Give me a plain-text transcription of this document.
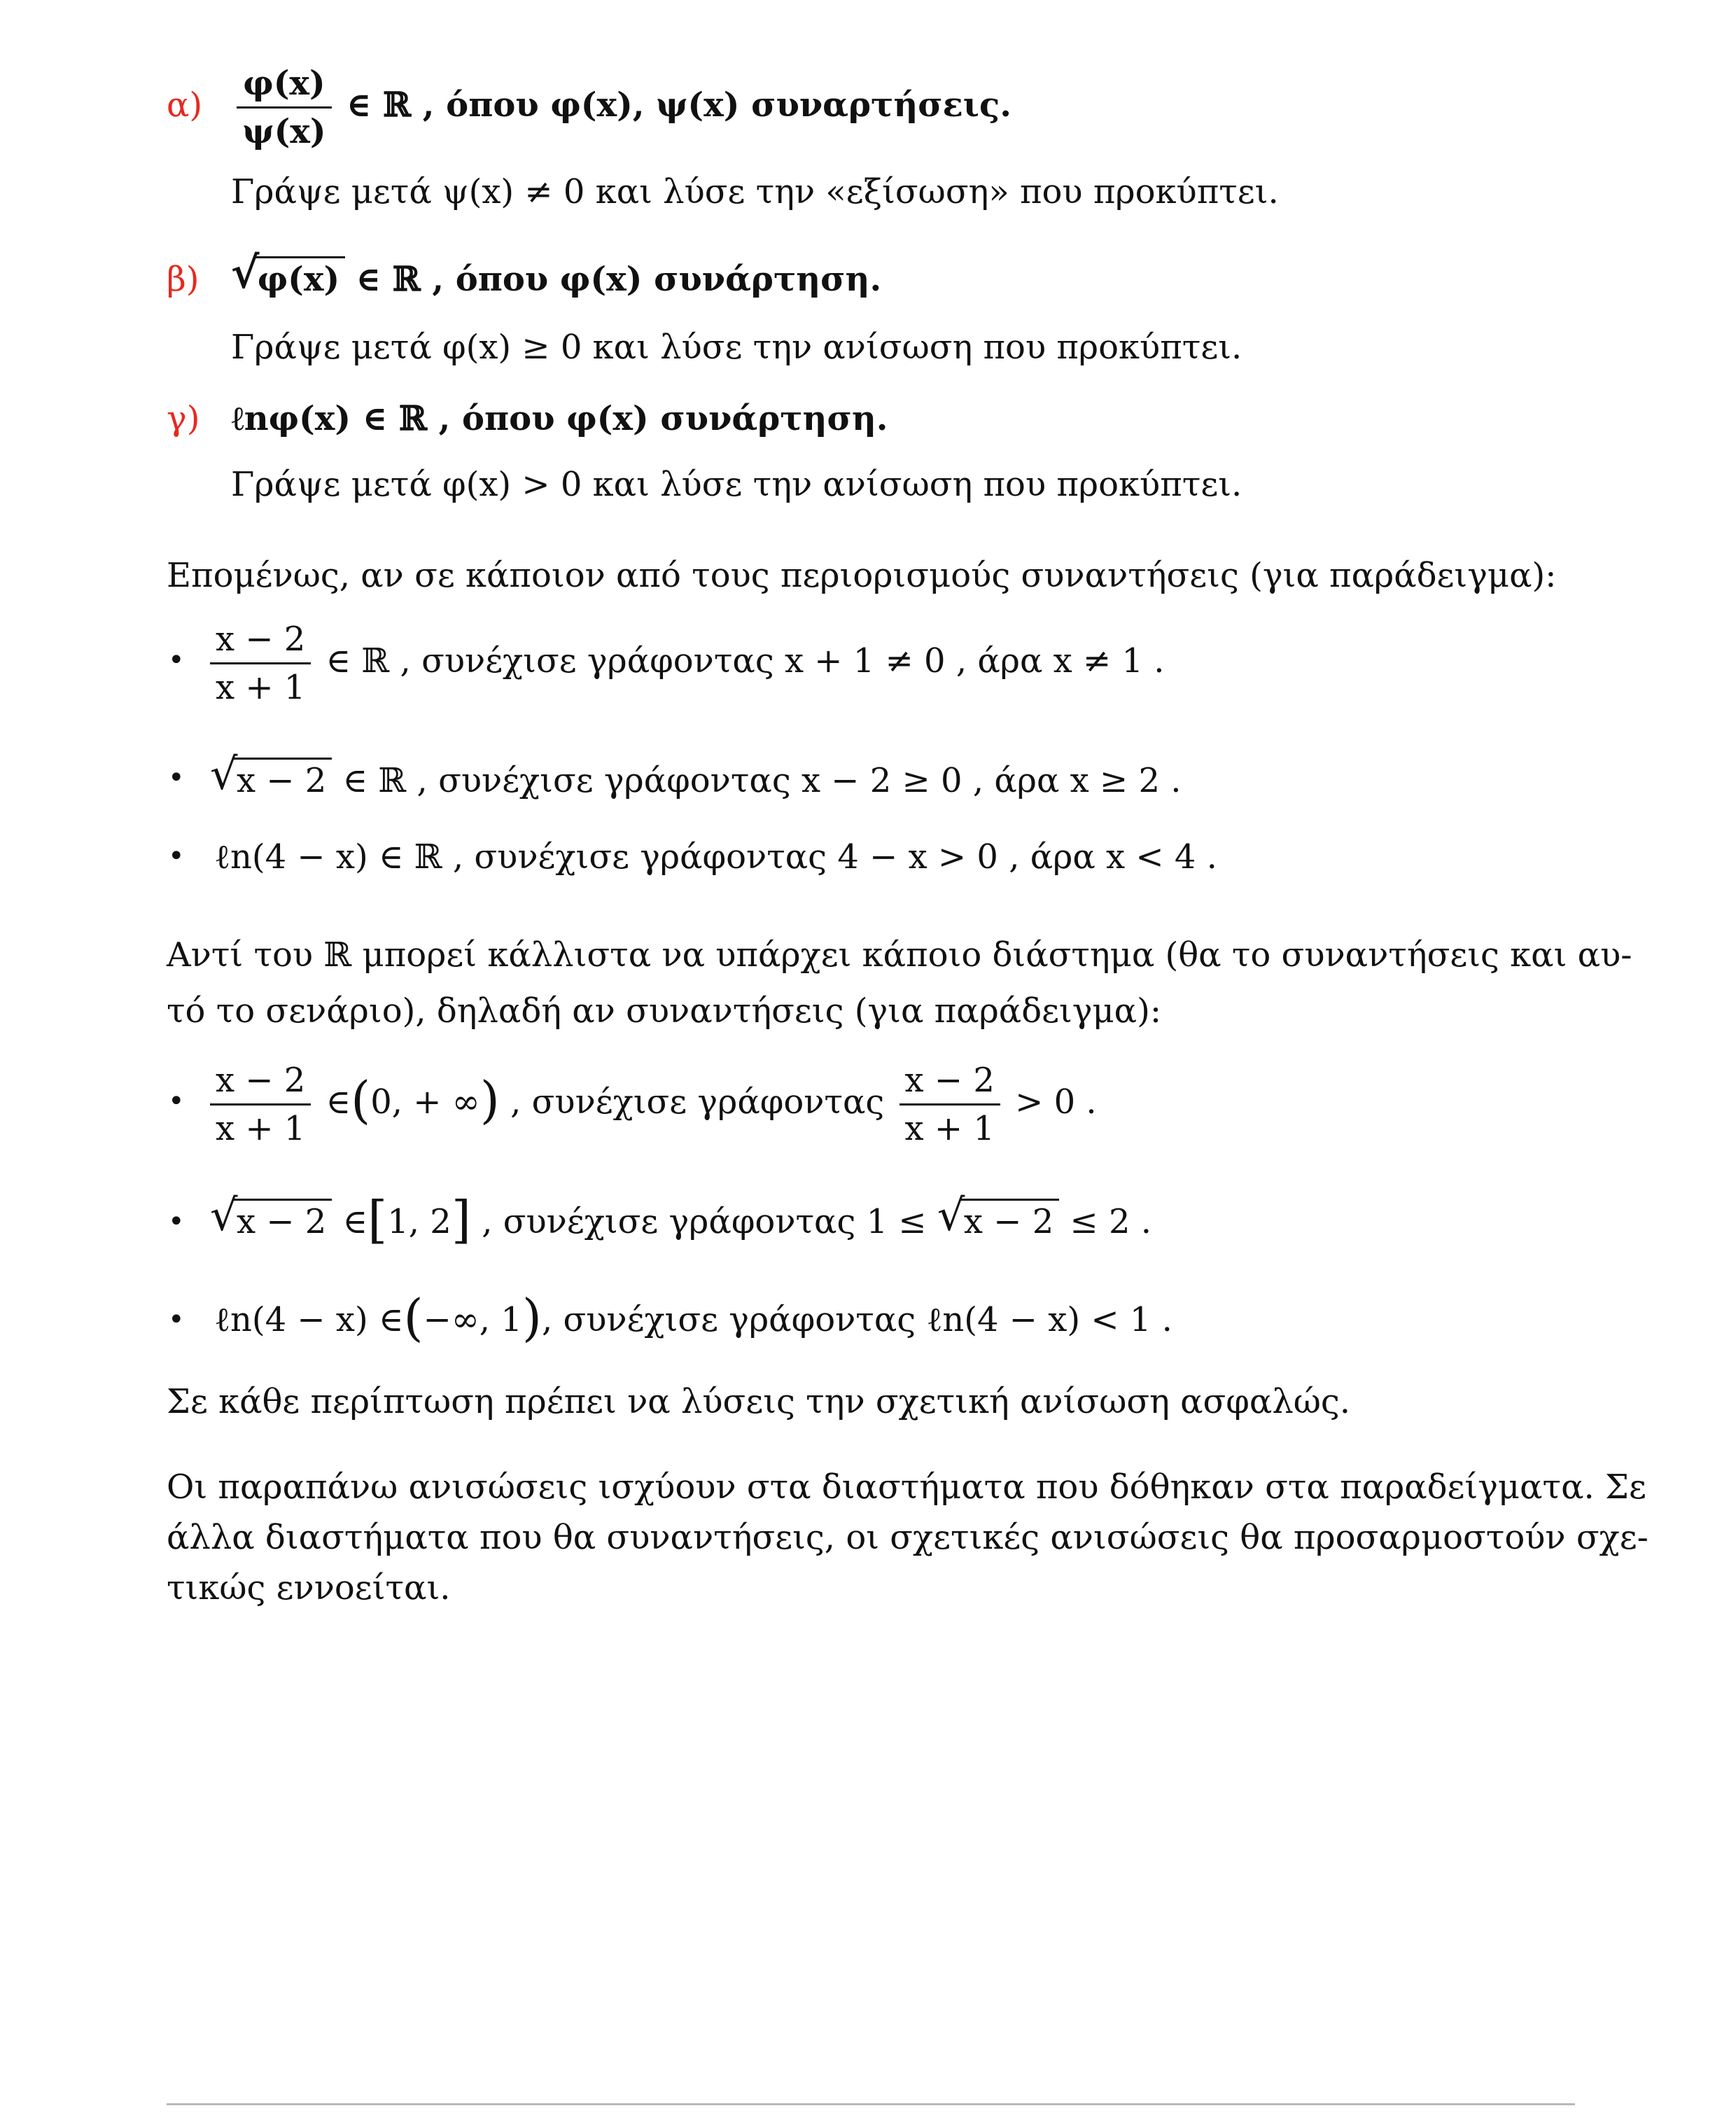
$\alpha) \frac{\varphi(x)}{\psi(x)}$ ∈ ℝ , όπου φ(x), ψ(x) συναρτήσεις.
Γράψε μετά ψ(x) ≠ 0 και λύσε την «εξίσωση» που προκύπτει.
β) √
φ(x) ∈ ℝ , όπου φ(x) συνάρτηση.
Γράψε μετά φ(x) ≥ 0 και λύσε την ανίσωση που προκύπτει.
γ) ℓnφ(x) ∈ ℝ , όπου φ(x) συνάρτηση.
Γράψε μετά φ(x) > 0 και λύσε την ανίσωση που προκύπτει.
Επομένως, αν σε κάποιον από τους περιορισμούς συναντήσεις (για παράδειγμα):
• $\frac{x - 2}{x + 1}$ ∈ ℝ , συνέχισε γράφοντας x + 1 ≠ 0 , άρα x ≠ 1 .
• √
x − 2 ∈ ℝ , συνέχισε γράφοντας x − 2 ≥ 0 , άρα x ≥ 2 .
• ℓn(4 − x) ∈ ℝ , συνέχισε γράφοντας 4 − x > 0 , άρα x < 4 .
Αντί του ℝ μπορεί κάλλιστα να υπάρχει κάποιο διάστημα (θα το συναντήσεις και αυ-
τό το σενάριο), δηλαδή αν συναντήσεις (για παράδειγμα):
• $\frac{x - 2}{x + 1}$ ∈(0, + ∞) , συνέχισε γράφοντας $\frac{x - 2}{x + 1} > 0$ .
• √
x − 2 ∈[1, 2] , συνέχισε γράφοντας 1 ≤ √
x − 2 ≤ 2 .
• ℓn(4 − x) ∈(−∞, 1), συνέχισε γράφοντας ℓn(4 − x) < 1 .
Σε κάθε περίπτωση πρέπει να λύσεις την σχετική ανίσωση ασφαλώς.
Οι παραπάνω ανισώσεις ισχύουν στα διαστήματα που δόθηκαν στα παραδείγματα. Σε
άλλα διαστήματα που θα συναντήσεις, οι σχετικές ανισώσεις θα προσαρμοστούν σχε-
τικώς εννοείται.
